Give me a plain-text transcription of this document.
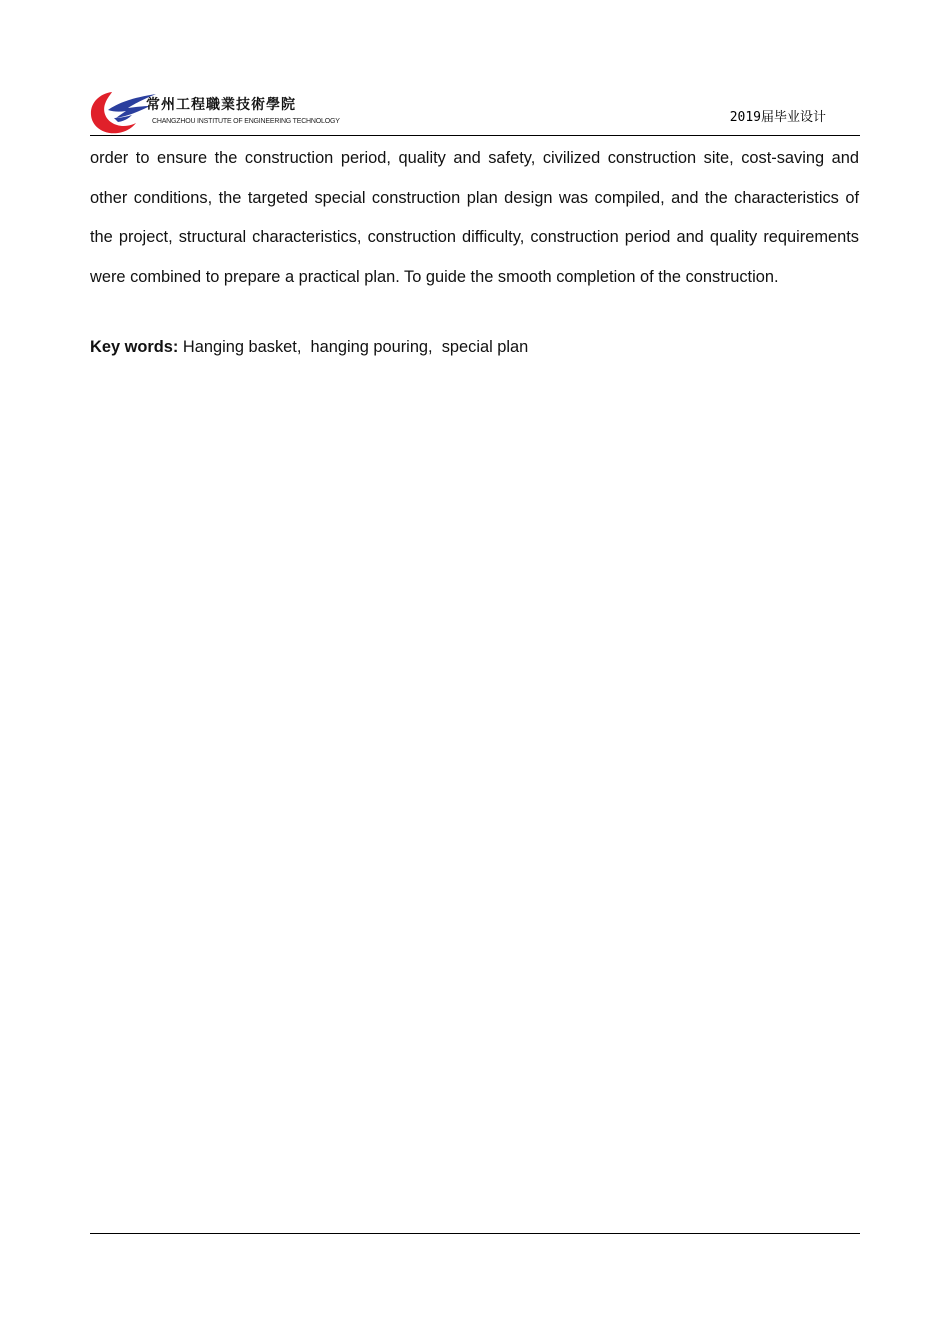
常州工程職業技術學院
CHANGZHOU INSTITUTE OF ENGINEERING TECHNOLOGY	2019届毕业设计
order to ensure the construction period, quality and safety, civilized construction site, cost-saving and other conditions, the targeted special construction plan design was compiled, and the characteristics of the project, structural characteristics, construction difficulty, construction period and quality requirements were combined to prepare a practical plan. To guide the smooth completion of the construction.
Key words: Hanging basket,  hanging pouring,  special plan
